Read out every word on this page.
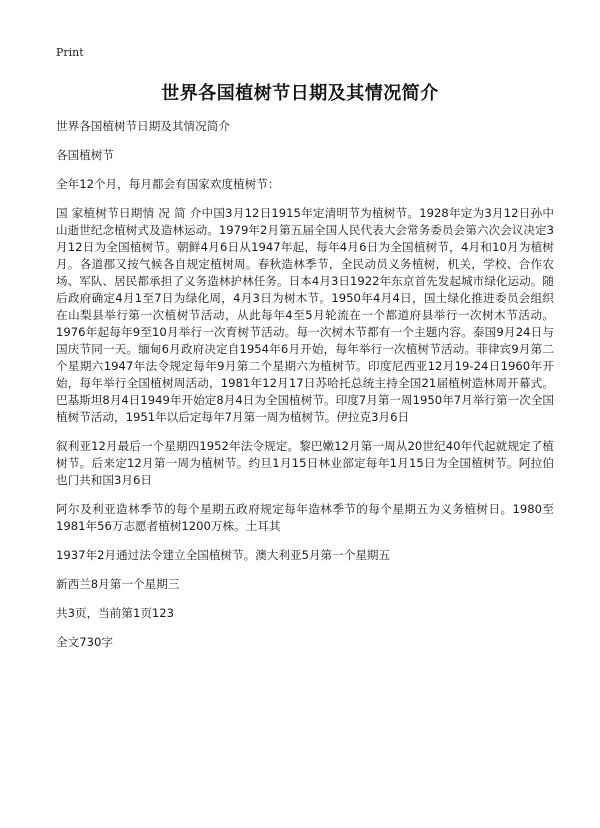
Print
世界各国植树节日期及其情况简介

世界各国植树节日期及其情况简介

各国植树节

全年12个月，每月都会有国家欢度植树节：

国 家植树节日期情 况 简 介中国3月12日1915年定清明节为植树节。1928年定为3月12日孙中山逝世纪念植树式及造林运动。1979年2月第五届全国人民代表大会常务委员会第六次会议决定3月12日为全国植树节。朝鲜4月6日从1947年起，每年4月6日为全国植树节，4月和10月为植树月。各道郡又按气候各自规定植树周。春秋造林季节，全民动员义务植树，机关，学校、合作农场、军队、居民都承担了义务造林护林任务。日本4月3日1922年东京首先发起城市绿化运动。随后政府确定4月1至7日为绿化周，4月3日为树木节。1950年4月4日，国土绿化推进委员会组织在山梨县举行第一次植树节活动，从此每年4至5月轮流在一个都道府县举行一次树木节活动。1976年起每年9至10月举行一次育树节活动。每一次树木节都有一个主题内容。泰国9月24日与国庆节同一天。缅甸6月政府决定自1954年6月开始，每年举行一次植树节活动。菲律宾9月第二个星期六1947年法令规定每年9月第二个星期六为植树节。印度尼西亚12月19-24日1960年开始，每年举行全国植树周活动，1981年12月17日苏哈托总统主持全国21届植树造林周开幕式。巴基斯坦8月4日1949年开始定8月4日为全国植树节。印度7月第一周1950年7月举行第一次全国植树节活动，1951年以后定每年7月第一周为植树节。伊拉克3月6日

叙利亚12月最后一个星期四1952年法令规定。黎巴嫩12月第一周从20世纪40年代起就规定了植树节。后来定12月第一周为植树节。约旦1月15日林业部定每年1月15日为全国植树节。阿拉伯也门共和国3月6日

阿尔及利亚造林季节的每个星期五政府规定每年造林季节的每个星期五为义务植树日。1980至1981年56万志愿者植树1200万株。土耳其

1937年2月通过法令建立全国植树节。澳大利亚5月第一个星期五

新西兰8月第一个星期三

共3页，当前第1页123

全文730字
